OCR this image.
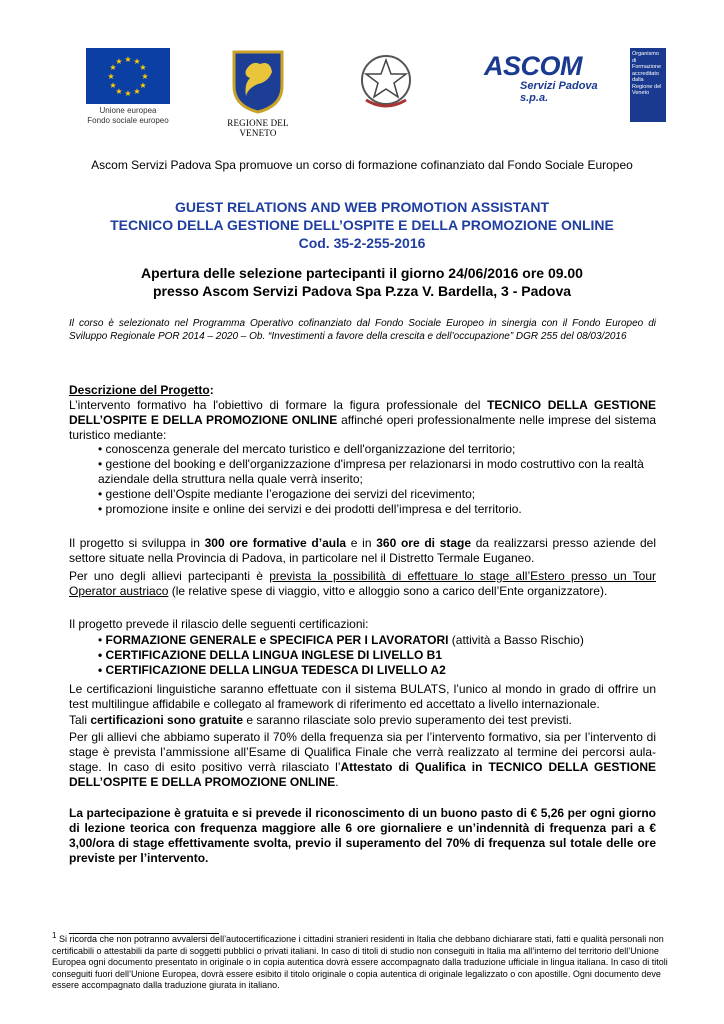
★ ★
★
★
★
★
★
★
★
★
★
★
Unione europea
Fondo sociale europeo	REGIONE DEL VENETO
ASCOM
Servizi Padova s.p.a.
Organismo di Formazione accreditato dalla Regione del Veneto
Ascom Servizi Padova Spa promuove un corso di formazione cofinanziato dal Fondo Sociale Europeo
GUEST RELATIONS AND WEB PROMOTION ASSISTANT
TECNICO DELLA GESTIONE DELL’OSPITE E DELLA PROMOZIONE ONLINE
Cod. 35-2-255-2016
Apertura delle selezione partecipanti il giorno 24/06/2016 ore 09.00
presso Ascom Servizi Padova Spa P.zza V. Bardella, 3 - Padova
Il corso è selezionato nel Programma Operativo cofinanziato dal Fondo Sociale Europeo in sinergia con il Fondo Europeo di Sviluppo Regionale POR 2014 – 2020 – Ob. “Investimenti a favore della crescita e dell’occupazione” DGR 255 del 08/03/2016
Descrizione del Progetto:
L’intervento formativo ha l'obiettivo di formare la figura professionale del TECNICO DELLA GESTIONE DELL’OSPITE E DELLA PROMOZIONE ONLINE affinché operi professionalmente nelle imprese del sistema turistico mediante:
• conoscenza generale del mercato turistico e dell'organizzazione del territorio;
• gestione del booking e dell'organizzazione d'impresa per relazionarsi in modo costruttivo con la realtà aziendale della struttura nella quale verrà inserito;
• gestione dell’Ospite mediante l’erogazione dei servizi del ricevimento;
• promozione insite e online dei servizi e dei prodotti dell’impresa e del territorio.
Il progetto si sviluppa in 300 ore formative d’aula e in 360 ore di stage da realizzarsi presso aziende del settore situate nella Provincia di Padova, in particolare nel il Distretto Termale Euganeo.
Per uno degli allievi partecipanti è prevista la possibilità di effettuare lo stage all’Estero presso un Tour Operator austriaco (le relative spese di viaggio, vitto e alloggio sono a carico dell’Ente organizzatore).
Il progetto prevede il rilascio delle seguenti certificazioni:
• FORMAZIONE GENERALE e SPECIFICA PER I LAVORATORI (attività a Basso Rischio)
• CERTIFICAZIONE DELLA LINGUA INGLESE DI LIVELLO B1
• CERTIFICAZIONE DELLA LINGUA TEDESCA DI LIVELLO A2
Le certificazioni linguistiche saranno effettuate con il sistema BULATS, l’unico al mondo in grado di offrire un test multilingue affidabile e collegato al framework di riferimento ed accettato a livello internazionale.
Tali certificazioni sono gratuite e saranno rilasciate solo previo superamento dei test previsti.
Per gli allievi che abbiamo superato il 70% della frequenza sia per l’intervento formativo, sia per l’intervento di stage è prevista l’ammissione all’Esame di Qualifica Finale che verrà realizzato al termine dei percorsi aula-stage. In caso di esito positivo verrà rilasciato l’Attestato di Qualifica in TECNICO DELLA GESTIONE DELL’OSPITE E DELLA PROMOZIONE ONLINE.
La partecipazione è gratuita e si prevede il riconoscimento di un buono pasto di € 5,26 per ogni giorno di lezione teorica con frequenza maggiore alle 6 ore giornaliere e un’indennità di frequenza pari a € 3,00/ora di stage effettivamente svolta, previo il superamento del 70% di frequenza sul totale delle ore previste per l’intervento.
$^1$ Si ricorda che non potranno avvalersi dell’autocertificazione i cittadini stranieri residenti in Italia che debbano dichiarare stati, fatti e qualità personali non certificabili o attestabili da parte di soggetti pubblici o privati italiani. In caso di titoli di studio non conseguiti in Italia ma all’interno del territorio dell’Unione Europea ogni documento presentato in originale o in copia autentica dovrà essere accompagnato dalla traduzione ufficiale in lingua italiana. In caso di titoli conseguiti fuori dell’Unione Europea, dovrà essere esibito il titolo originale o copia autentica di originale legalizzato o con apostille. Ogni documento deve essere accompagnato dalla traduzione giurata in italiano.
